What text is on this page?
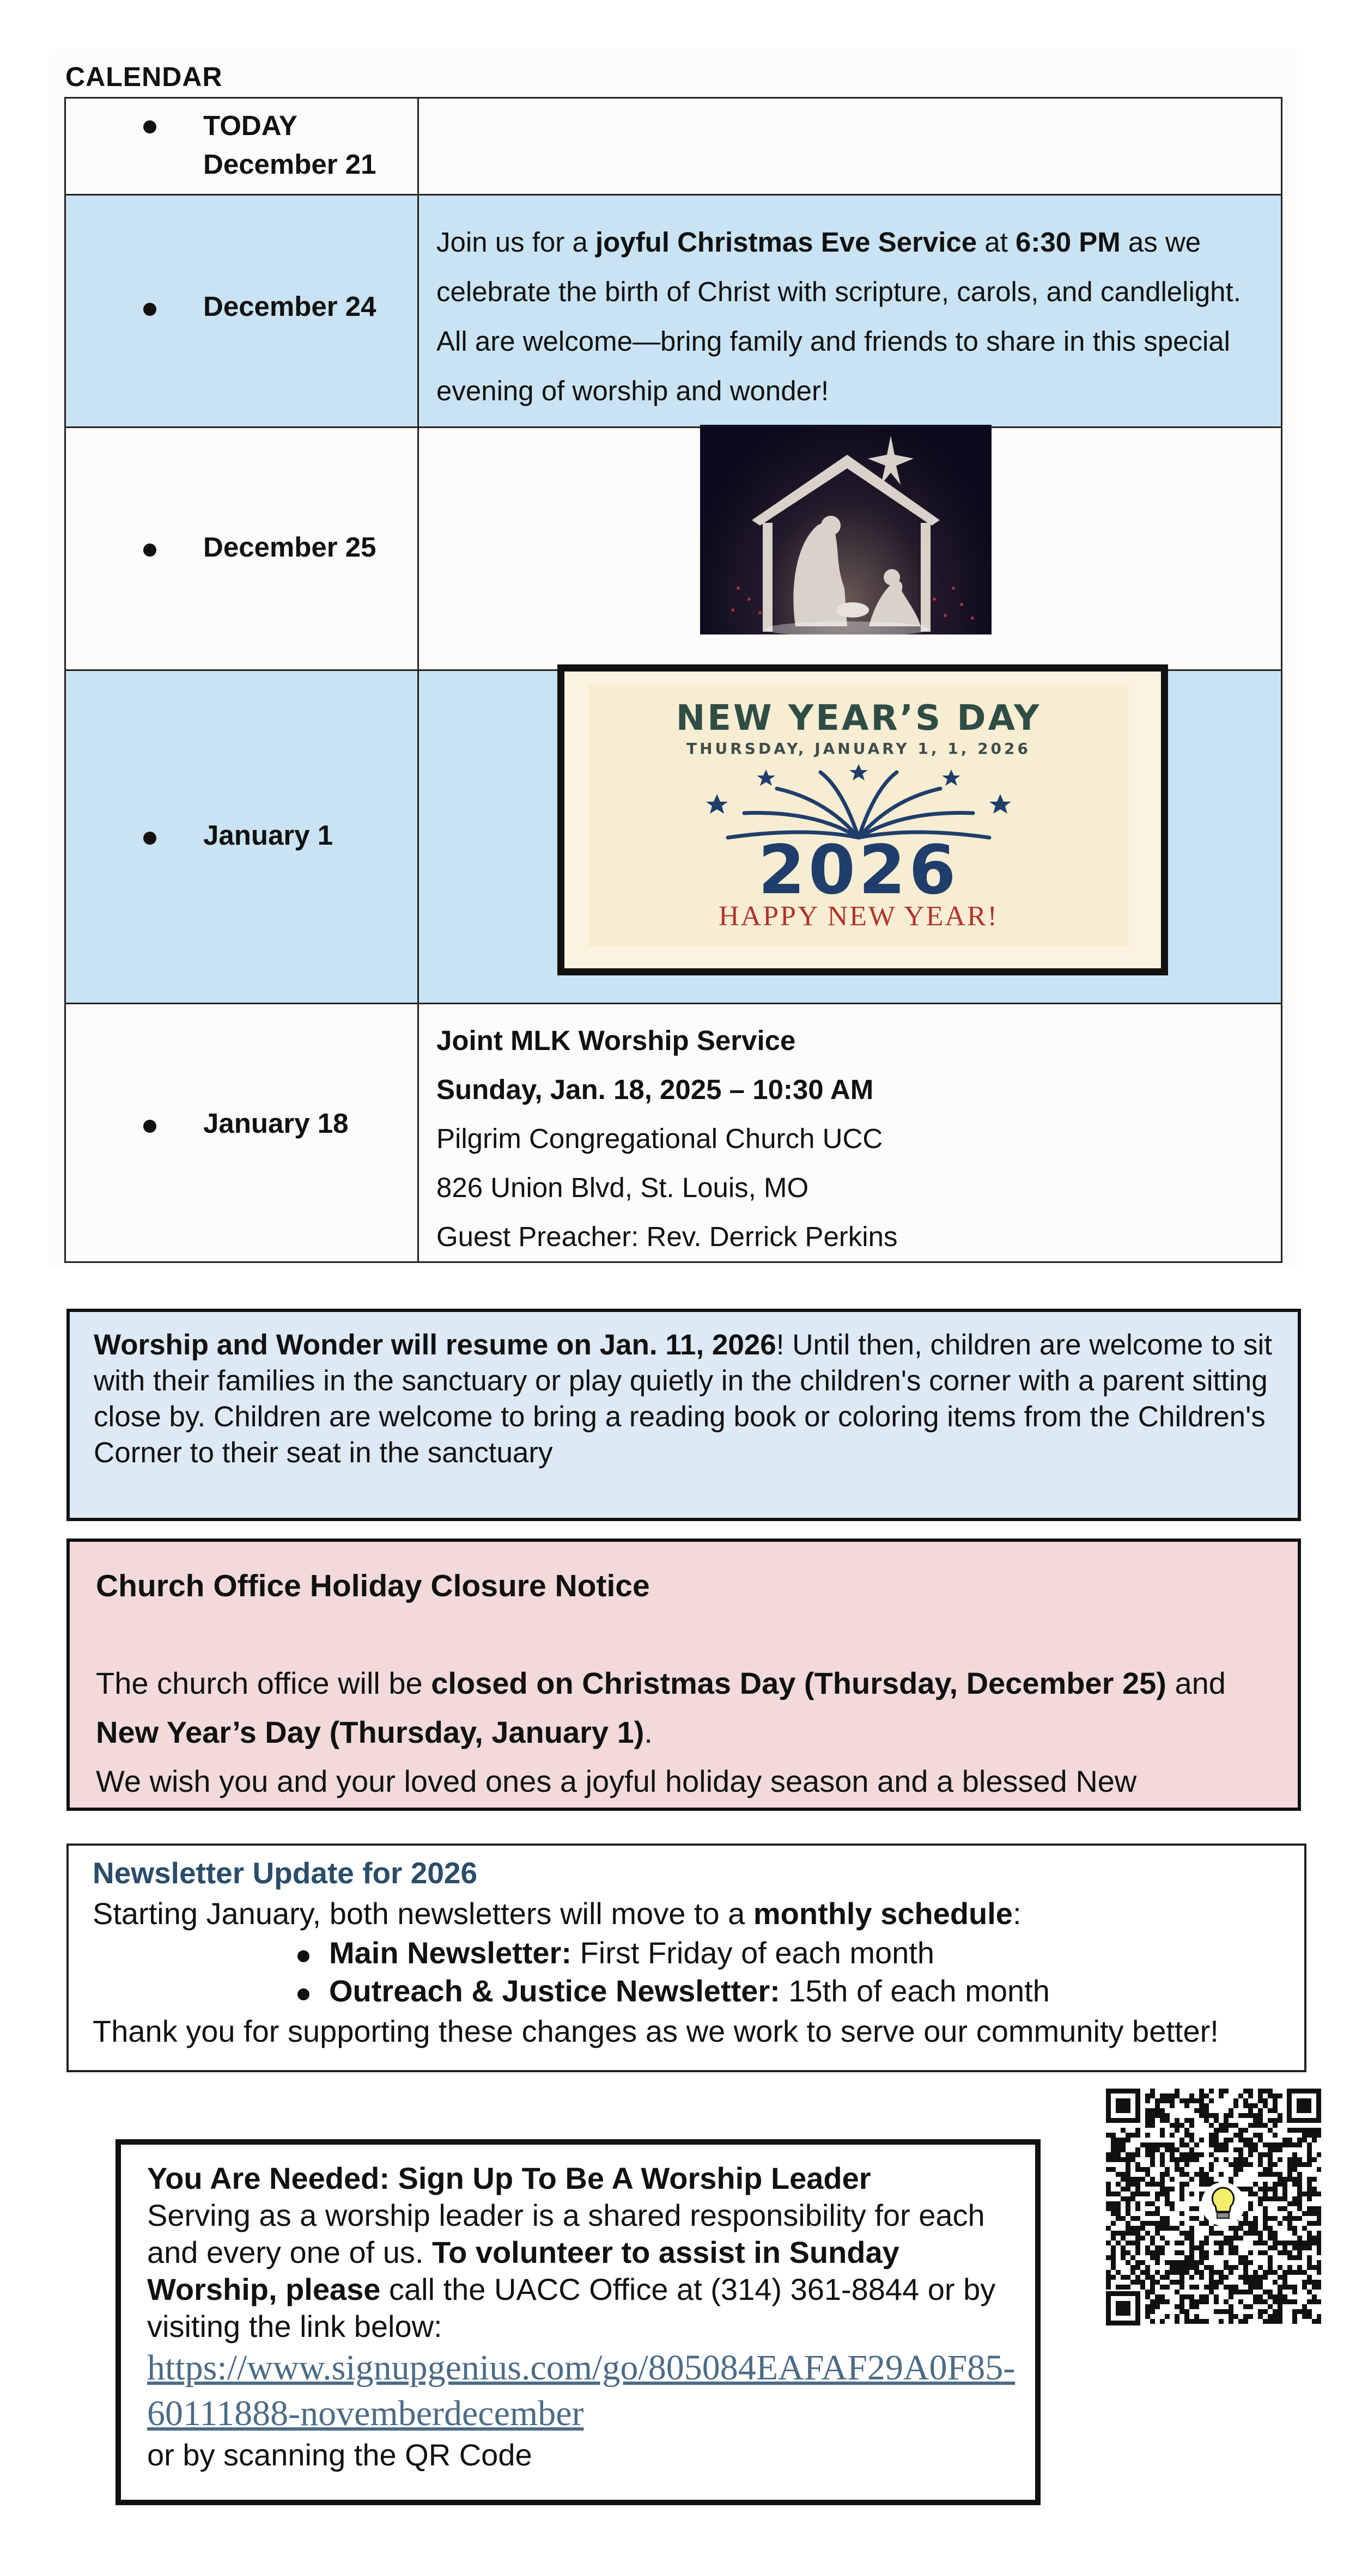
CALENDAR
TODAY
December 21	

December 24	Join us for a joyful Christmas Eve Service at 6:30 PM as we celebrate the birth of Christ with scripture, carols, and candlelight. All are welcome—bring family and friends to share in this special evening of worship and wonder!

December 25	

January 1	

January 18	Joint MLK Worship Service

Sunday, Jan. 18, 2025 – 10:30 AM

Pilgrim Congregational Church UCC

826 Union Blvd, St. Louis, MO

Guest Preacher: Rev. Derrick Perkins

NEW YEAR’S DAY
THURSDAY, JANUARY 1, 1, 2026
2026
HAPPY NEW YEAR!

Worship and Wonder will resume on Jan. 11, 2026! Until then, children are welcome to sit with their families in the sanctuary or play quietly in the children's corner with a parent sitting close by. Children are welcome to bring a reading book or coloring items from the Children's Corner to their seat in the sanctuary

Church Office Holiday Closure Notice

The church office will be closed on Christmas Day (Thursday, December 25) and New Year’s Day (Thursday, January 1).

We wish you and your loved ones a joyful holiday season and a blessed New

Newsletter Update for 2026
Starting January, both newsletters will move to a monthly schedule:
Main Newsletter: First Friday of each month
Outreach & Justice Newsletter: 15th of each month
Thank you for supporting these changes as we work to serve our community better!

You Are Needed: Sign Up To Be A Worship Leader

Serving as a worship leader is a shared responsibility for each and every one of us. To volunteer to assist in Sunday Worship, please call the UACC Office at (314) 361-8844 or by visiting the link below:

https://www.signupgenius.com/go/805084EAFAF29A0F85-60111888-novemberdecember

or by scanning the QR Code
